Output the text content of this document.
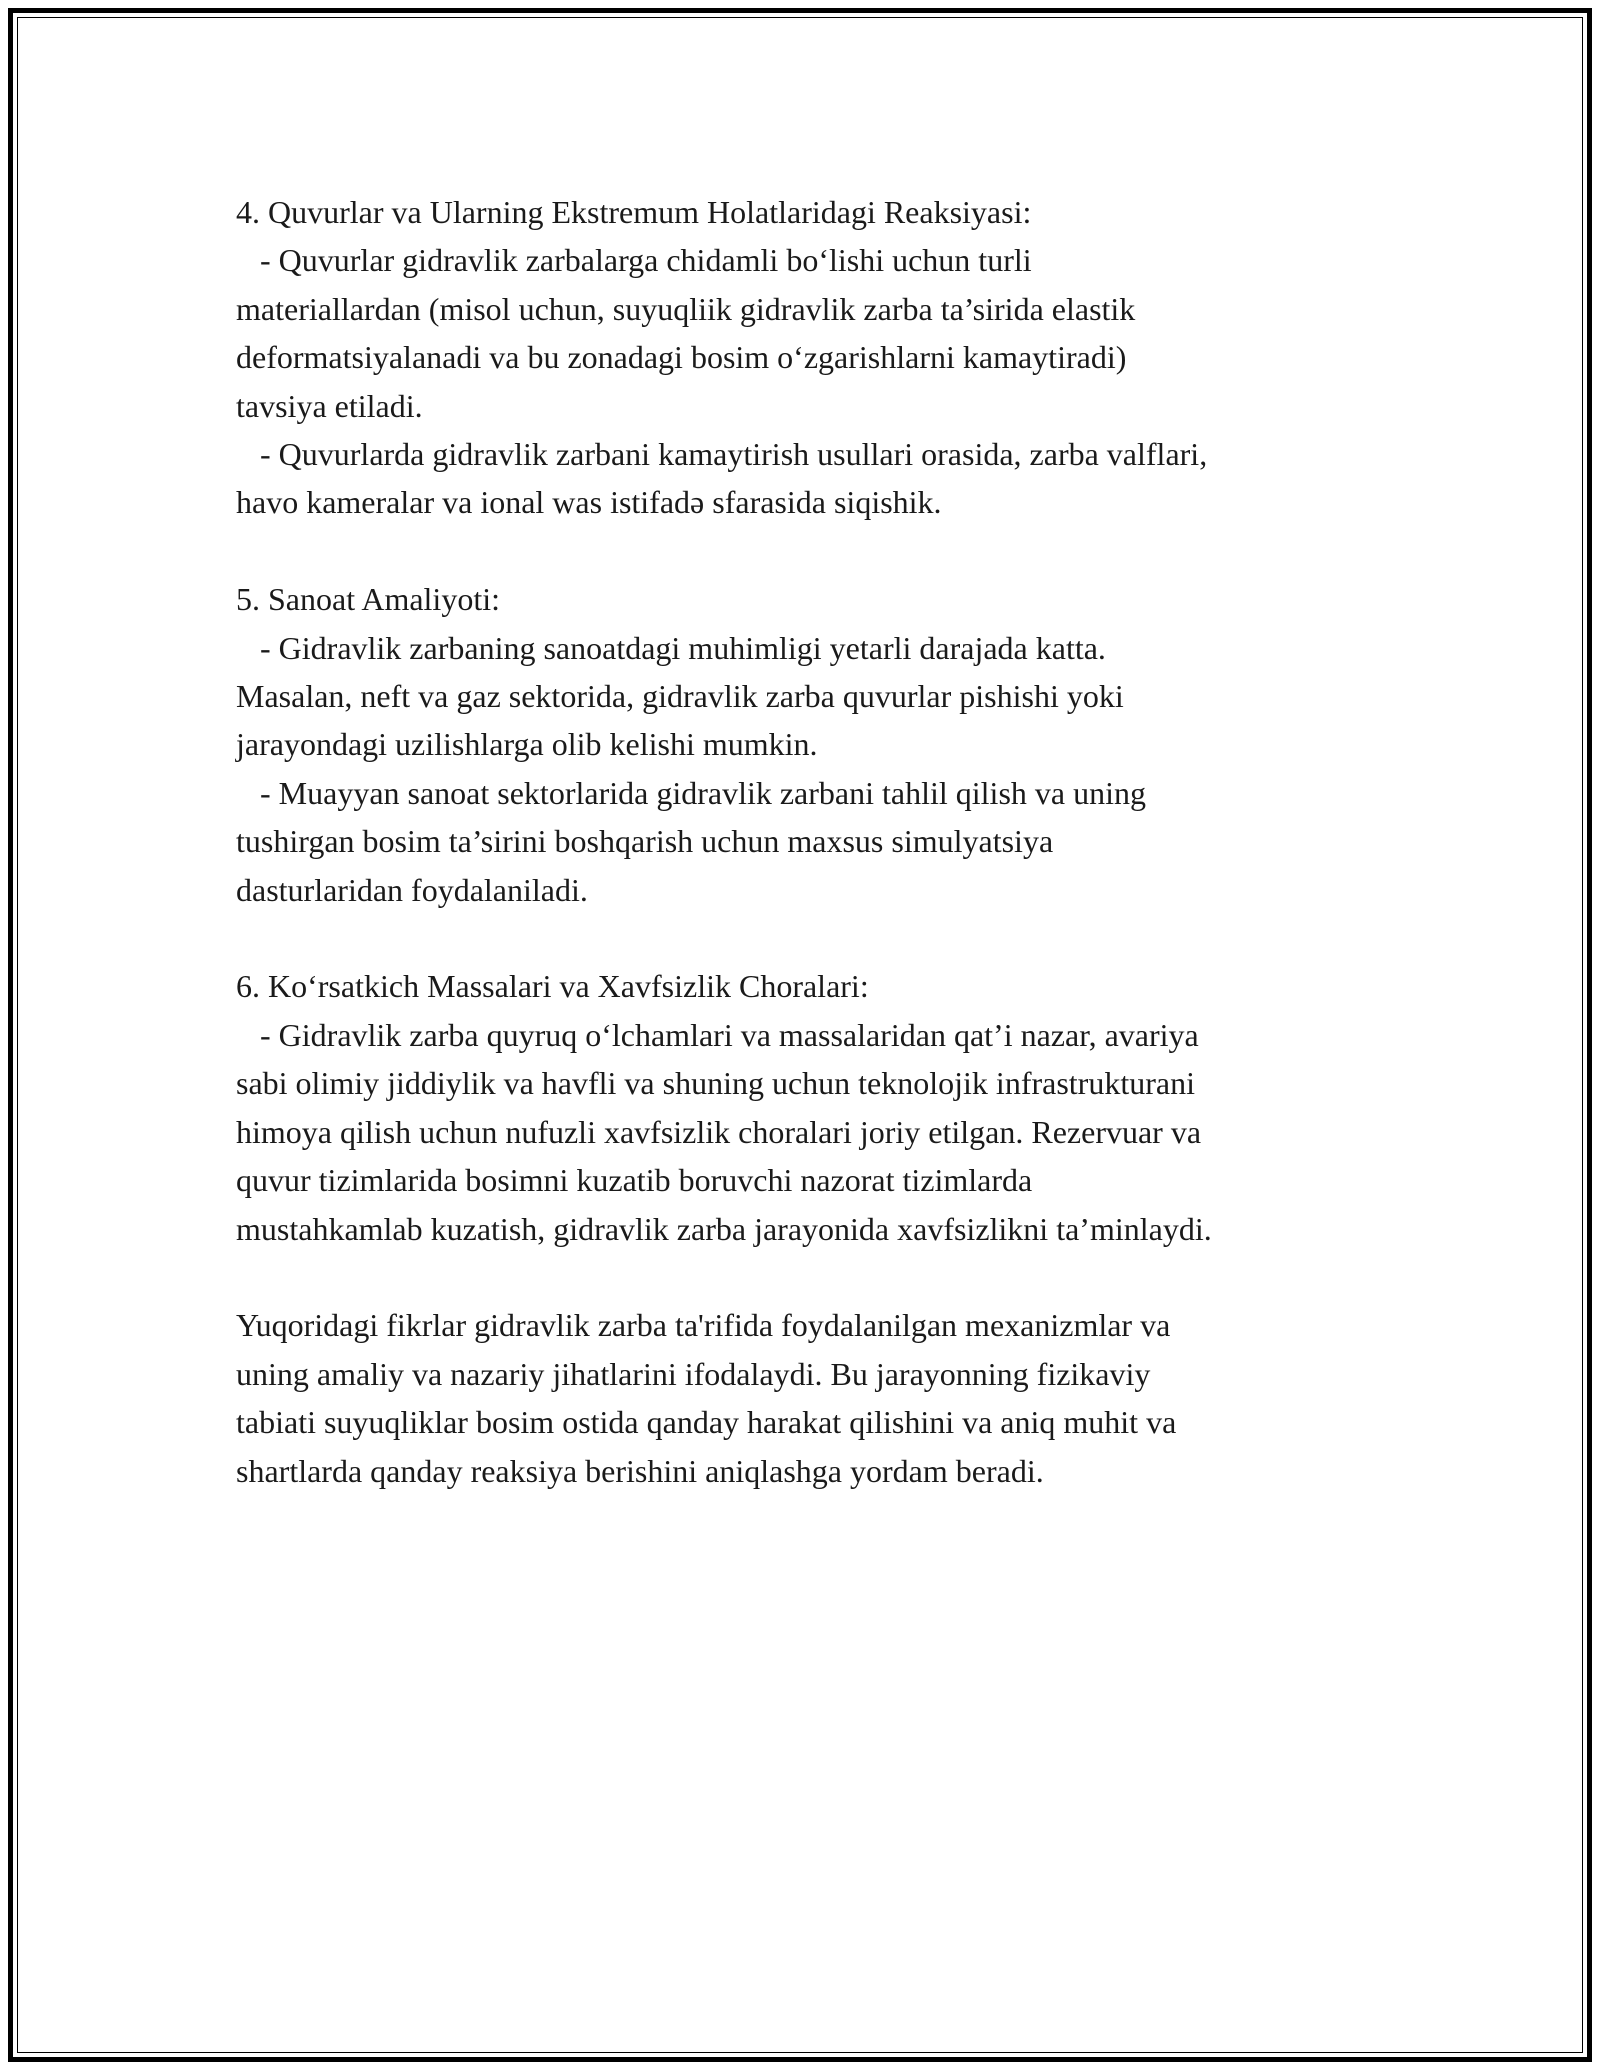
4. Quvurlar va Ularning Ekstremum Holatlaridagi Reaksiyasi:
- Quvurlar gidravlik zarbalarga chidamli bo‘lishi uchun turli
materiallardan (misol uchun, suyuqliik gidravlik zarba ta’sirida elastik
deformatsiyalanadi va bu zonadagi bosim o‘zgarishlarni kamaytiradi)
tavsiya etiladi.
- Quvurlarda gidravlik zarbani kamaytirish usullari orasida, zarba valflari,
havo kameralar va ional was istifadə sfarasida siqishik.
5. Sanoat Amaliyoti:
- Gidravlik zarbaning sanoatdagi muhimligi yetarli darajada katta.
Masalan, neft va gaz sektorida, gidravlik zarba quvurlar pishishi yoki
jarayondagi uzilishlarga olib kelishi mumkin.
- Muayyan sanoat sektorlarida gidravlik zarbani tahlil qilish va uning
tushirgan bosim ta’sirini boshqarish uchun maxsus simulyatsiya
dasturlaridan foydalaniladi.
6. Ko‘rsatkich Massalari va Xavfsizlik Choralari:
- Gidravlik zarba quyruq o‘lchamlari va massalaridan qat’i nazar, avariya
sabi olimiy jiddiylik va havfli va shuning uchun teknolojik infrastrukturani
himoya qilish uchun nufuzli xavfsizlik choralari joriy etilgan. Rezervuar va
quvur tizimlarida bosimni kuzatib boruvchi nazorat tizimlarda
mustahkamlab kuzatish, gidravlik zarba jarayonida xavfsizlikni ta’minlaydi.
Yuqoridagi fikrlar gidravlik zarba ta'rifida foydalanilgan mexanizmlar va
uning amaliy va nazariy jihatlarini ifodalaydi. Bu jarayonning fizikaviy
tabiati suyuqliklar bosim ostida qanday harakat qilishini va aniq muhit va
shartlarda qanday reaksiya berishini aniqlashga yordam beradi.
